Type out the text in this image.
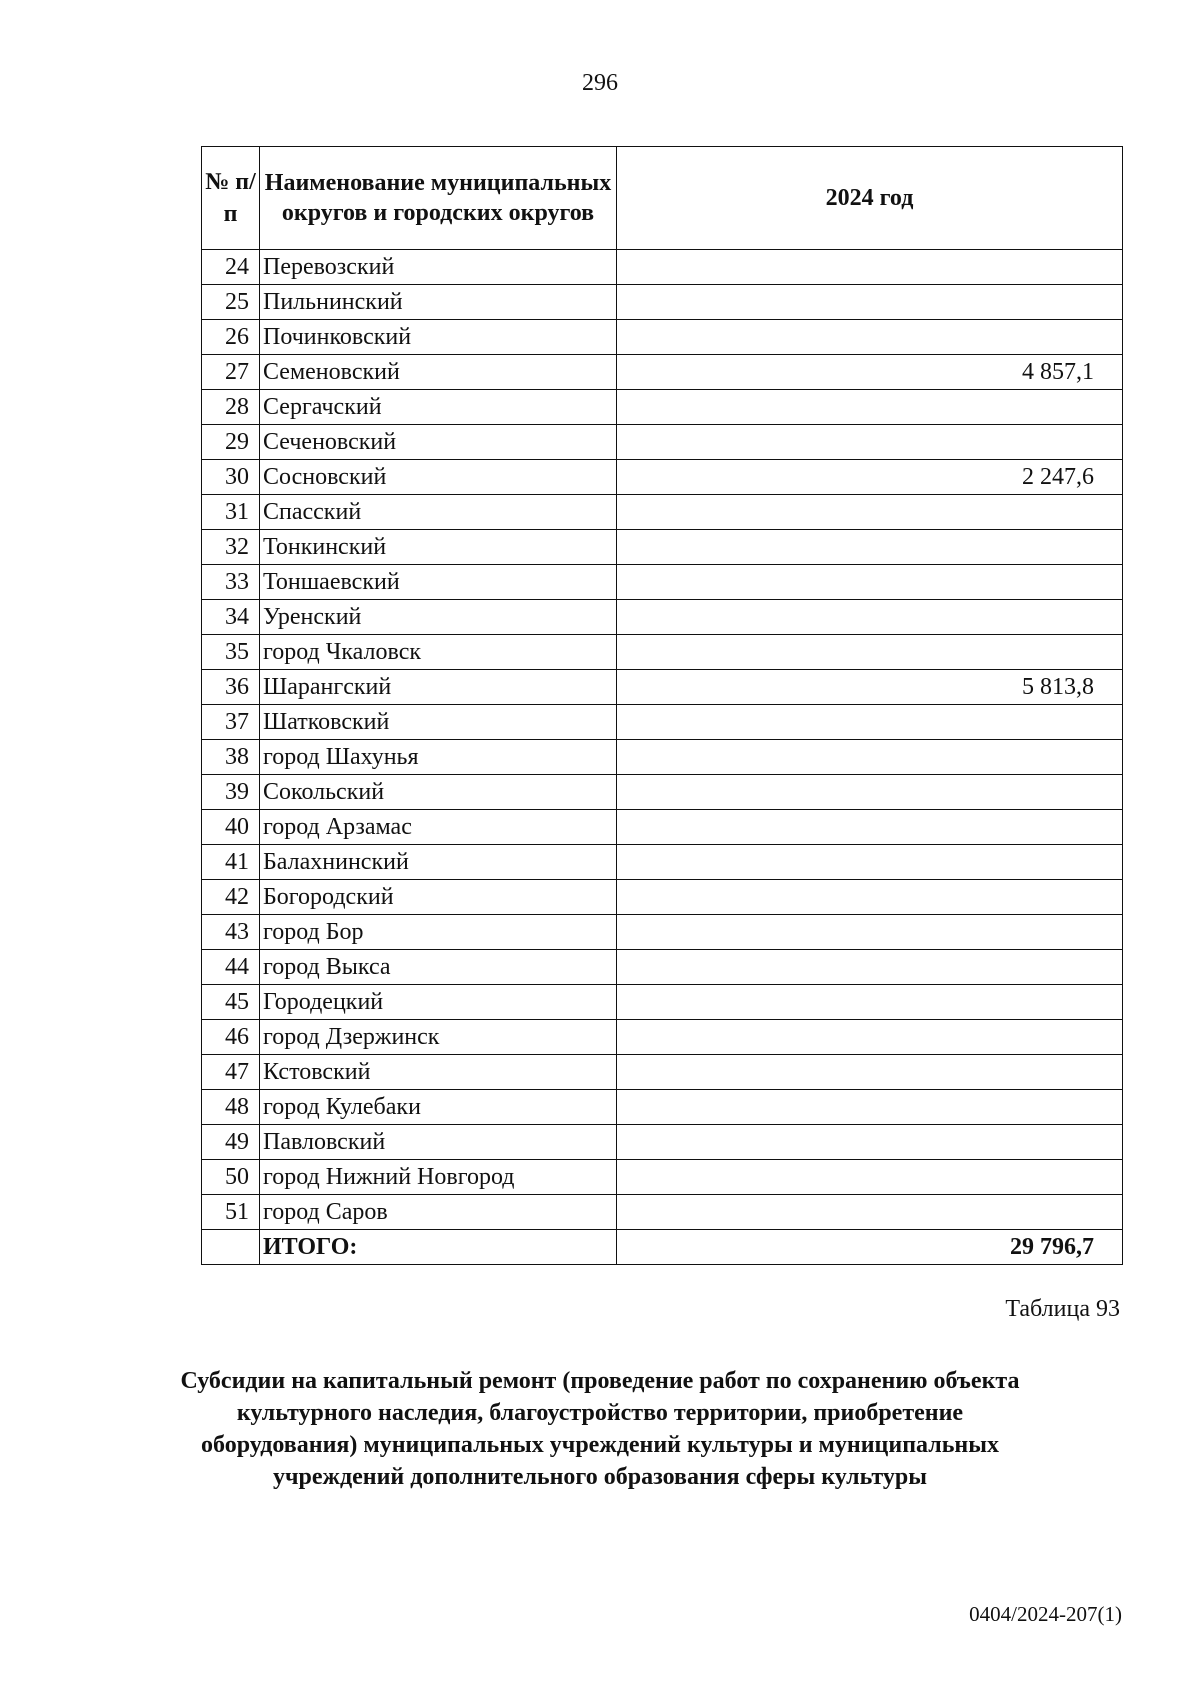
296
№ п/п	Наименование муниципальных округов и городских округов	2024 год
24	Перевозский	
25	Пильнинский	
26	Починковский	
27	Семеновский	4 857,1
28	Сергачский	
29	Сеченовский	
30	Сосновский	2 247,6
31	Спасский	
32	Тонкинский	
33	Тоншаевский	
34	Уренский	
35	город Чкаловск	
36	Шарангский	5 813,8
37	Шатковский	
38	город Шахунья	
39	Сокольский	
40	город Арзамас	
41	Балахнинский	
42	Богородский	
43	город Бор	
44	город Выкса	
45	Городецкий	
46	город Дзержинск	
47	Кстовский	
48	город Кулебаки	
49	Павловский	
50	город Нижний Новгород	
51	город Саров	
	ИТОГО:	29 796,7
Таблица 93
Субсидии на капитальный ремонт (проведение работ по сохранению объекта культурного наследия, благоустройство территории, приобретение оборудования) муниципальных учреждений культуры и муниципальных учреждений дополнительного образования сферы культуры
0404/2024-207(1)
